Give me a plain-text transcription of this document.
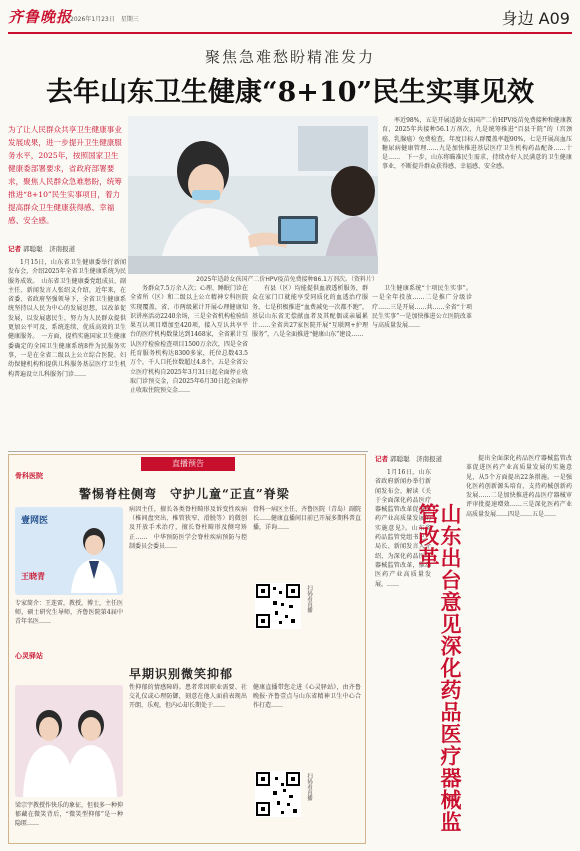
齐鲁晚报
2026年1月23日　星期三	身边 A09
聚焦急难愁盼精准发力
去年山东卫生健康“8+10”民生实事见效

为了让人民群众共享卫生健康事业发展成果，进一步提升卫生健康服务水平，2025年，按照国家卫生健康委部署要求，省政府部署要求，聚焦人民群众急难愁盼，统筹推进“8+10”民生实事项目，着力提高群众卫生健康获得感、幸福感、安全感。

2025年适龄女孩国产二价HPV疫苗免费接种86.1万剂次。（资料片）
记者 郭聪聪　济南报道

1月15日，山东省卫生健康委举行新闻发布会，介绍2025年全省卫生健康系统为民服务成效。　山东省卫生健康委党组成员、副主任、新闻发言人张绍义介绍，近年来，在省委、省政府坚强领导下，全省卫生健康系统坚持以人民为中心的发展思想，以改革促发展，以发展惠民生，努力为人民群众提供更加公平可及、系统连续、优质高效的卫生健康服务。　一方面，提档实施国家卫生健康委确定的全国卫生健康系统8件为民服务实事，一是在全省二级以上公立综合医院、妇幼保健机构和提供儿科服务基层医疗卫生机构普遍设立儿科服务门诊……

务群众7.5万余人次；心理、睡眠门诊在全省所（区）和二级以上公立精神专科医院实现覆盖，省、市两级累计开展心理健康知识讲座活动2240余场，三是全省机构检验结果互认项目增加至420项，接入互认共享平台的医疗机构数量达到1468家，全省累计互认医疗检验检查项目1500万余次，四是全省托育服务机构达8300多家，托位总数43.5万个，千人口托位数超过4.8个，五是全省公立医疗机构自2025年3月31日起全面停止收取门诊预交金，自2025年6月30日起全面停止收取住院预交金……

有县（区）均能提供血液透析服务，群众在家门口就能享受同质化的血透治疗服务，七是积极推进“血费减免一次都不跑”，基层山东省无偿献血者及其配偶或亲属累计……全省共27家医院开展“互联网+护理服务”，八是全面推进“健康山东”建设……

卫生健康系统“十项民生实事”。一是全年投放……二是推广分级诊疗……三是开展……共……全省“十项民生实事”一是加快推进公立医院改革与高质量发展……

率近98%，五是开展适龄女孩国产二价HPV疫苗免费接种和健康教育，2025年共接种56.1万剂次，九是统筹推进“百县千院”的（宫颈癌、乳腺癌）免费检查，年度目标人群覆盖率超90%，七是开展高血压糖尿病健康管理……九是加快推进基层医疗卫生机构药品配备……十是……　下一步，山东将瞄准民生需求，持续办好人民满意的卫生健康事业，不断提升群众获得感、幸福感、安全感。

记者 郭聪聪　济南报道

1月16日，山东省政府新闻办举行新闻发布会，解读《关于全面深化药品医疗器械监管改革促进医药产业高质量发展的实施意见》。山东省药品监管党组书记、局长、新闻发言人介绍，为深化药品医疗器械监管改革，推动医药产业高质量发展，……	山东出台意见深化药品医疗器械监管改革

提出全面深化药品医疗器械监管改革促进医药产业高质量发展的实施意见，从5个方面提出22条措施。一是强化医药创新源头培育，支持药械创新药发展……二是加快推进药品医疗器械审评审批提速增效……三是深化医药产业高质量发展……四是……五是……

直播预告
骨科医院
警惕脊柱侧弯　守护儿童“正直”脊梁
壹网医
王晓青
专家简介：王连雷，教授，博士，主任医师，硕士研究生导师，齐鲁医院第4届中青年名医……
病因主任，擅长各类脊柱畸形及诉变性疾病（椎间盘突出、椎管狭窄、滑脱等）的微创及开放手术治疗，擅长脊柱畸形及侧弯矫正……　中华预防医学会脊柱疾病预防与控制委员会委员……
骨科一病区主任、齐鲁医院（青岛）副院长……健康直播间目前已开展多期科普直播，详询……
扫码看直播
心灵驿站
早期识别微笑抑郁
梁宗宇教授作快乐的象征，但很多一种抑郁藏在微笑背后，“微笑型抑郁”是一种隐匿……
性抑郁的情感障碍。患者常因职业需要、社交礼仪或心理防御，刻意在他人面前表现出开朗、乐观，但内心却长期处于……
健康直播带您走进《心灵驿站》，由齐鲁晚报·齐鲁壹点与山东省精神卫生中心合作打造……
扫码看直播
